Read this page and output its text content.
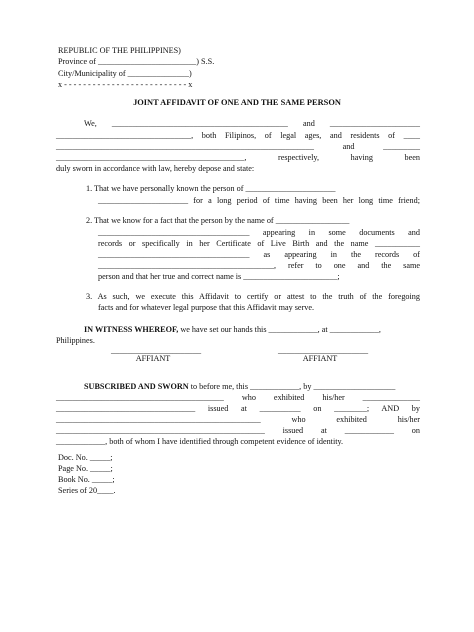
REPUBLIC OF THE PHILIPPINES)
Province of ________________________) S.S.
City/Municipality of _______________)
x - - - - - - - - - - - - - - - - - - - - - - - - - - x
JOINT AFFIDAVIT OF ONE AND THE SAME PERSON
We, ___________________________________________ and ______________________
_________________________________, both Filipinos, of legal ages, and residents of ____
_______________________________________________________________ and _________
______________________________________________, respectively, having been
duly sworn in accordance with law, hereby depose and state:
1. That we have personally known the person of ______________________
______________________ for a long period of time having been her long time friend;
2. That we know for a fact that the person by the name of __________________
_____________________________________ appearing in some documents and
records or specifically in her Certificate of Live Birth and the name ___________
_____________________________________ as appearing in the records of
___________________________________________, refer to one and the same
person and that her true and correct name is _______________________;
3. As such, we execute this Affidavit to certify or attest to the truth of the foregoing
facts and for whatever legal purpose that this Affidavit may serve.
IN WITNESS WHEREOF, we have set our hands this ____________, at ____________,
Philippines.
______________________
AFFIANT
______________________
AFFIANT
SUBSCRIBED AND SWORN to before me, this ____________, by ____________________
_________________________________________ who exhibited his/her ______________
__________________________________ issued at __________ on ________; AND by
__________________________________________________ who exhibited his/her
___________________________________________________ issued at ____________ on
____________, both of whom I have identified through competent evidence of identity.
Doc. No. _____;
Page No. _____;
Book No. _____;
Series of 20____.
